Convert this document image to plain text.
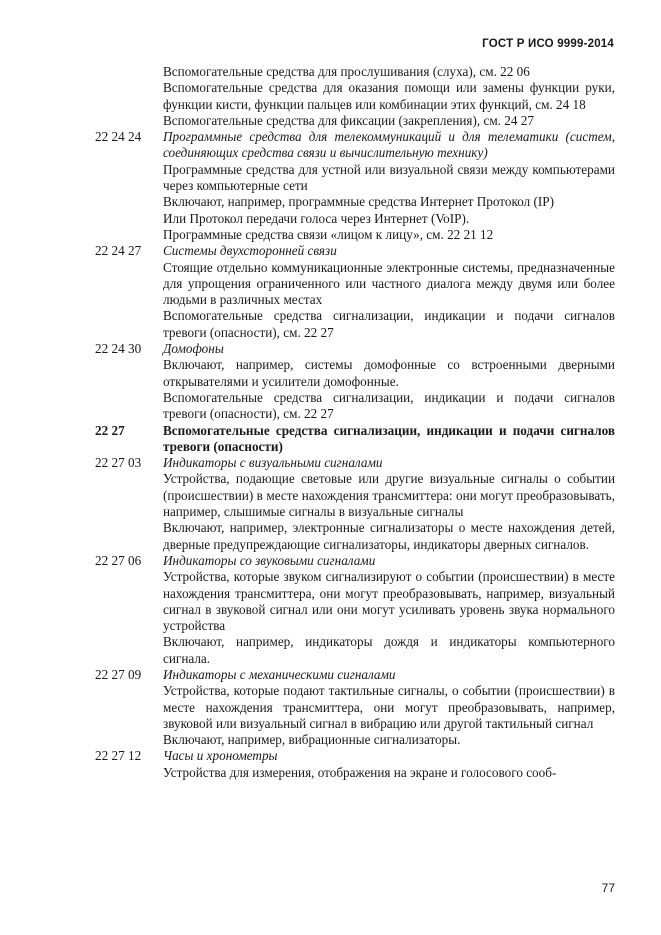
ГОСТ Р ИСО 9999-2014
Вспомогательные средства для прослушивания (слуха), см. 22 06
Вспомогательные средства для оказания помощи или замены функции руки, функции кисти, функции пальцев или комбинации этих функций, см. 24 18
Вспомогательные средства для фиксации (закрепления), см. 24 27
22 24 24	Программные средства для телекоммуникаций и для телематики (систем, соединяющих средства связи и вычислительную технику)
Программные средства для устной или визуальной связи между компьютерами через компьютерные сети
Включают, например, программные средства Интернет Протокол (IP)
Или Протокол передачи голоса через Интернет (VoIP).
Программные средства связи «лицом к лицу», см. 22 21 12
22 24 27	Системы двухсторонней связи
Стоящие отдельно коммуникационные электронные системы, предназначенные для упрощения ограниченного или частного диалога между двумя или более людьми в различных местах
Вспомогательные средства сигнализации, индикации и подачи сигналов тревоги (опасности), см. 22 27
22 24 30	Домофоны
Включают, например, системы домофонные со встроенными дверными открывателями и усилители домофонные.
Вспомогательные средства сигнализации, индикации и подачи сигналов тревоги (опасности), см. 22 27
22 27	Вспомогательные средства сигнализации, индикации и подачи сигналов тревоги (опасности)
22 27 03	Индикаторы с визуальными сигналами
Устройства, подающие световые или другие визуальные сигналы о событии (происшествии) в месте нахождения трансмиттера: они могут преобразовывать, например, слышимые сигналы в визуальные сигналы
Включают, например, электронные сигнализаторы о месте нахождения детей, дверные предупреждающие сигнализаторы, индикаторы дверных сигналов.
22 27 06	Индикаторы со звуковыми сигналами
Устройства, которые звуком сигнализируют о событии (происшествии) в месте нахождения трансмиттера, они могут преобразовывать, например, визуальный сигнал в звуковой сигнал или они могут усиливать уровень звука нормального устройства
Включают, например, индикаторы дождя и индикаторы компьютерного сигнала.
22 27 09	Индикаторы с механическими сигналами
Устройства, которые подают тактильные сигналы, о событии (происшествии) в месте нахождения трансмиттера, они могут преобразовывать, например, звуковой или визуальный сигнал в вибрацию или другой тактильный сигнал
Включают, например, вибрационные сигнализаторы.
22 27 12	Часы и хронометры
Устройства для измерения, отображения на экране и голосового сооб-
77
